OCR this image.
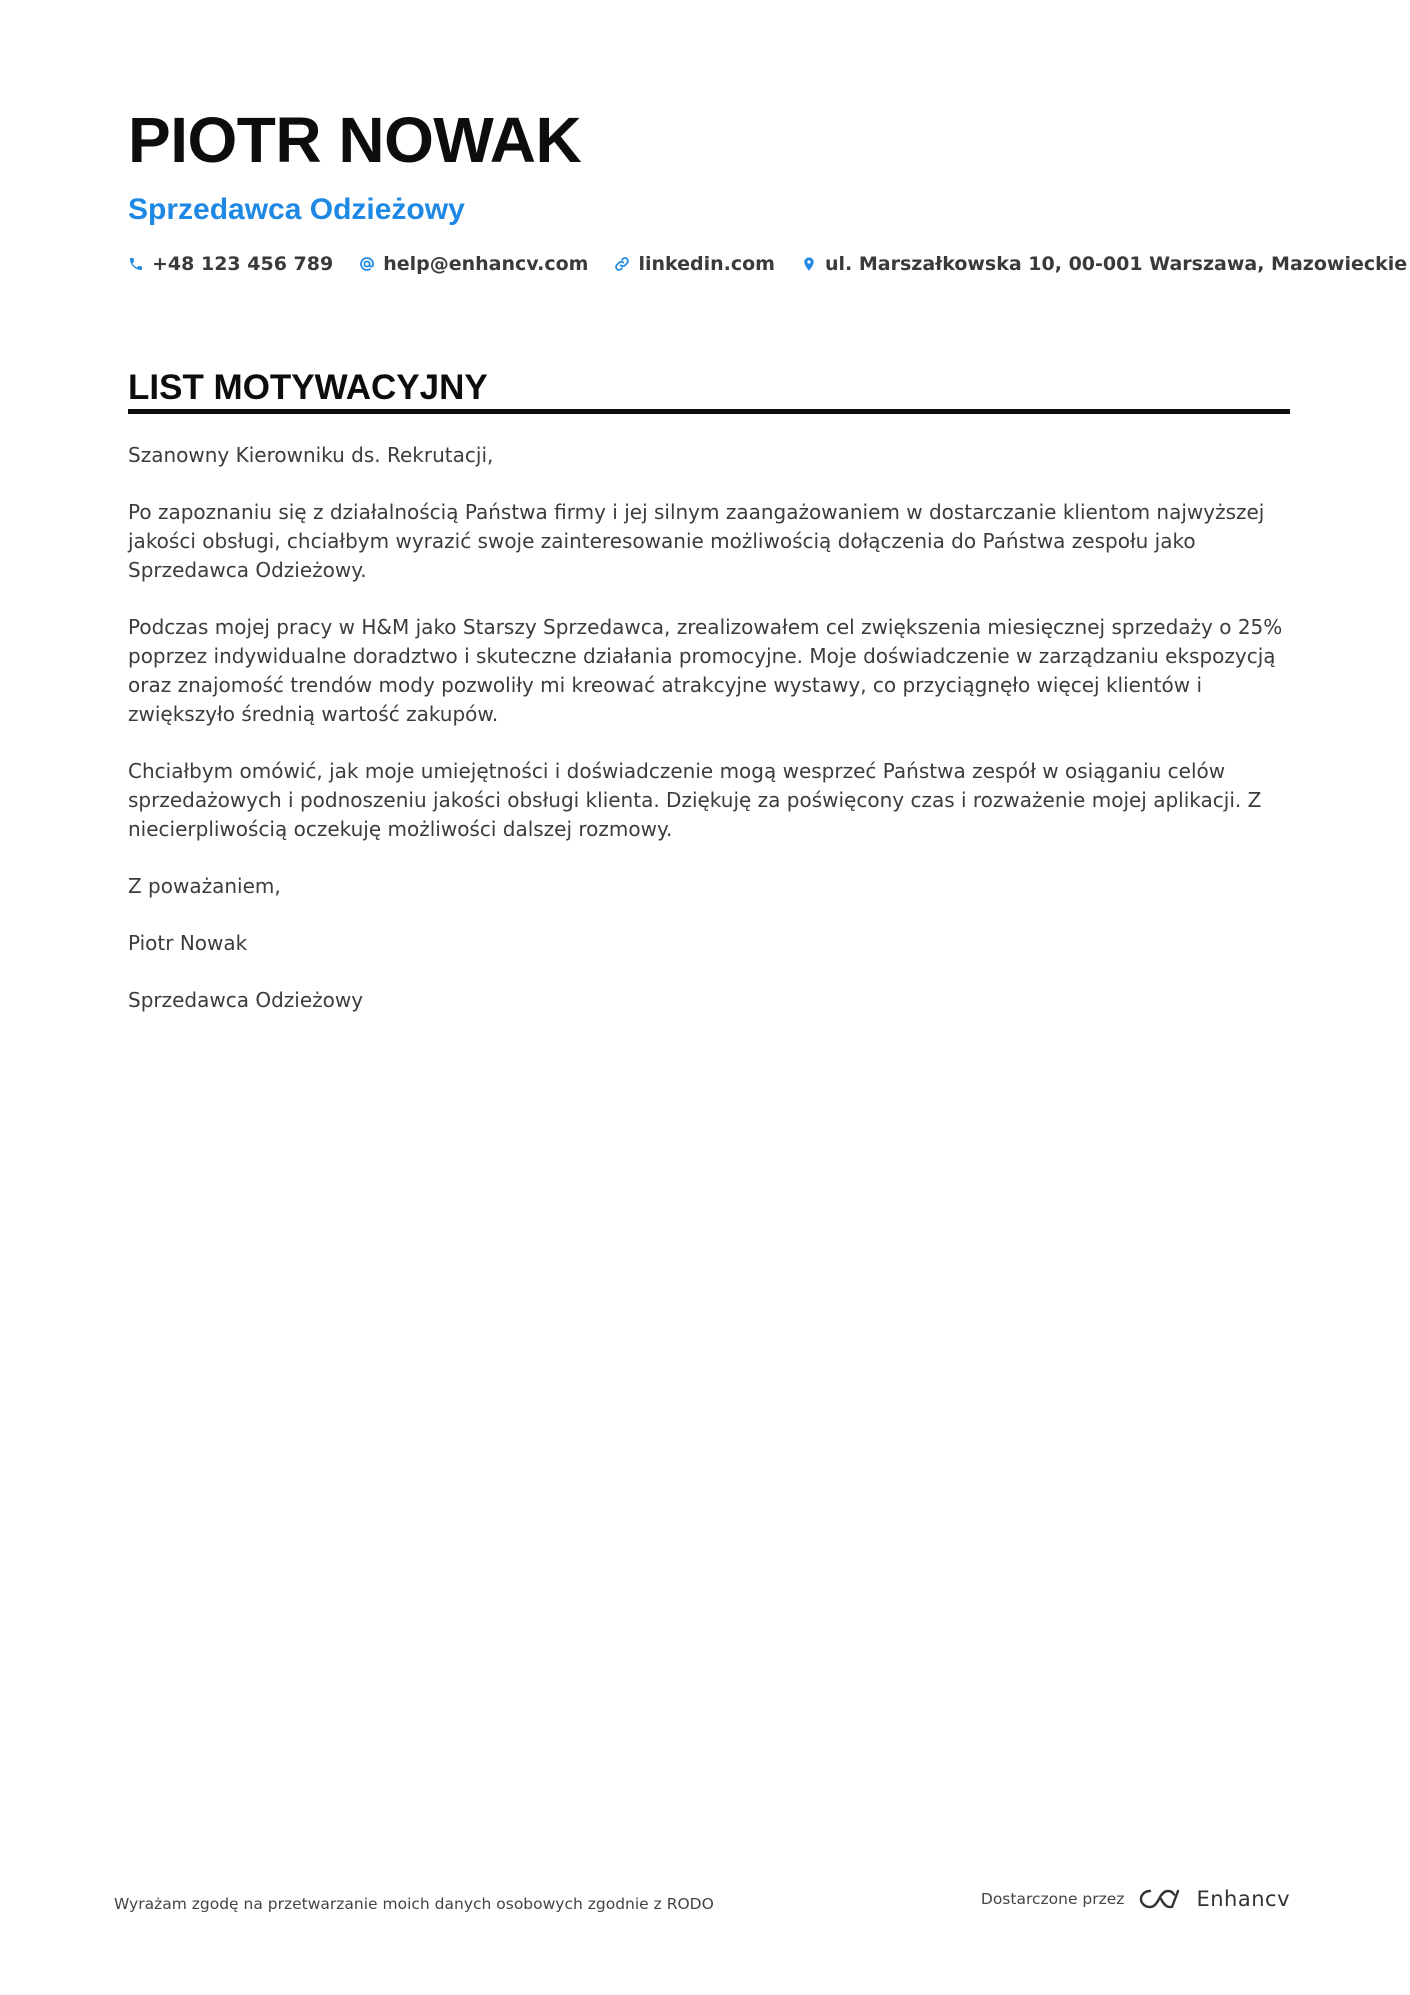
PIOTR NOWAK
Sprzedawca Odzieżowy
+48 123 456 789	help@enhancv.com	linkedin.com	ul. Marszałkowska 10, 00-001 Warszawa, Mazowieckie
LIST MOTYWACYJNY

Szanowny Kierowniku ds. Rekrutacji,

Po zapoznaniu się z działalnością Państwa firmy i jej silnym zaangażowaniem w dostarczanie klientom najwyższej jakości obsługi, chciałbym wyrazić swoje zainteresowanie możliwością dołączenia do Państwa zespołu jako Sprzedawca Odzieżowy.

Podczas mojej pracy w H&M jako Starszy Sprzedawca, zrealizowałem cel zwiększenia miesięcznej sprzedaży o 25% poprzez indywidualne doradztwo i skuteczne działania promocyjne. Moje doświadczenie w zarządzaniu ekspozycją oraz znajomość trendów mody pozwoliły mi kreować atrakcyjne wystawy, co przyciągnęło więcej klientów i zwiększyło średnią wartość zakupów.

Chciałbym omówić, jak moje umiejętności i doświadczenie mogą wesprzeć Państwa zespół w osiąganiu celów sprzedażowych i podnoszeniu jakości obsługi klienta. Dziękuję za poświęcony czas i rozważenie mojej aplikacji. Z niecierpliwością oczekuję możliwości dalszej rozmowy.

Z poważaniem,

Piotr Nowak

Sprzedawca Odzieżowy

Wyrażam zgodę na przetwarzanie moich danych osobowych zgodnie z RODO	Dostarczone przez	Enhancv
